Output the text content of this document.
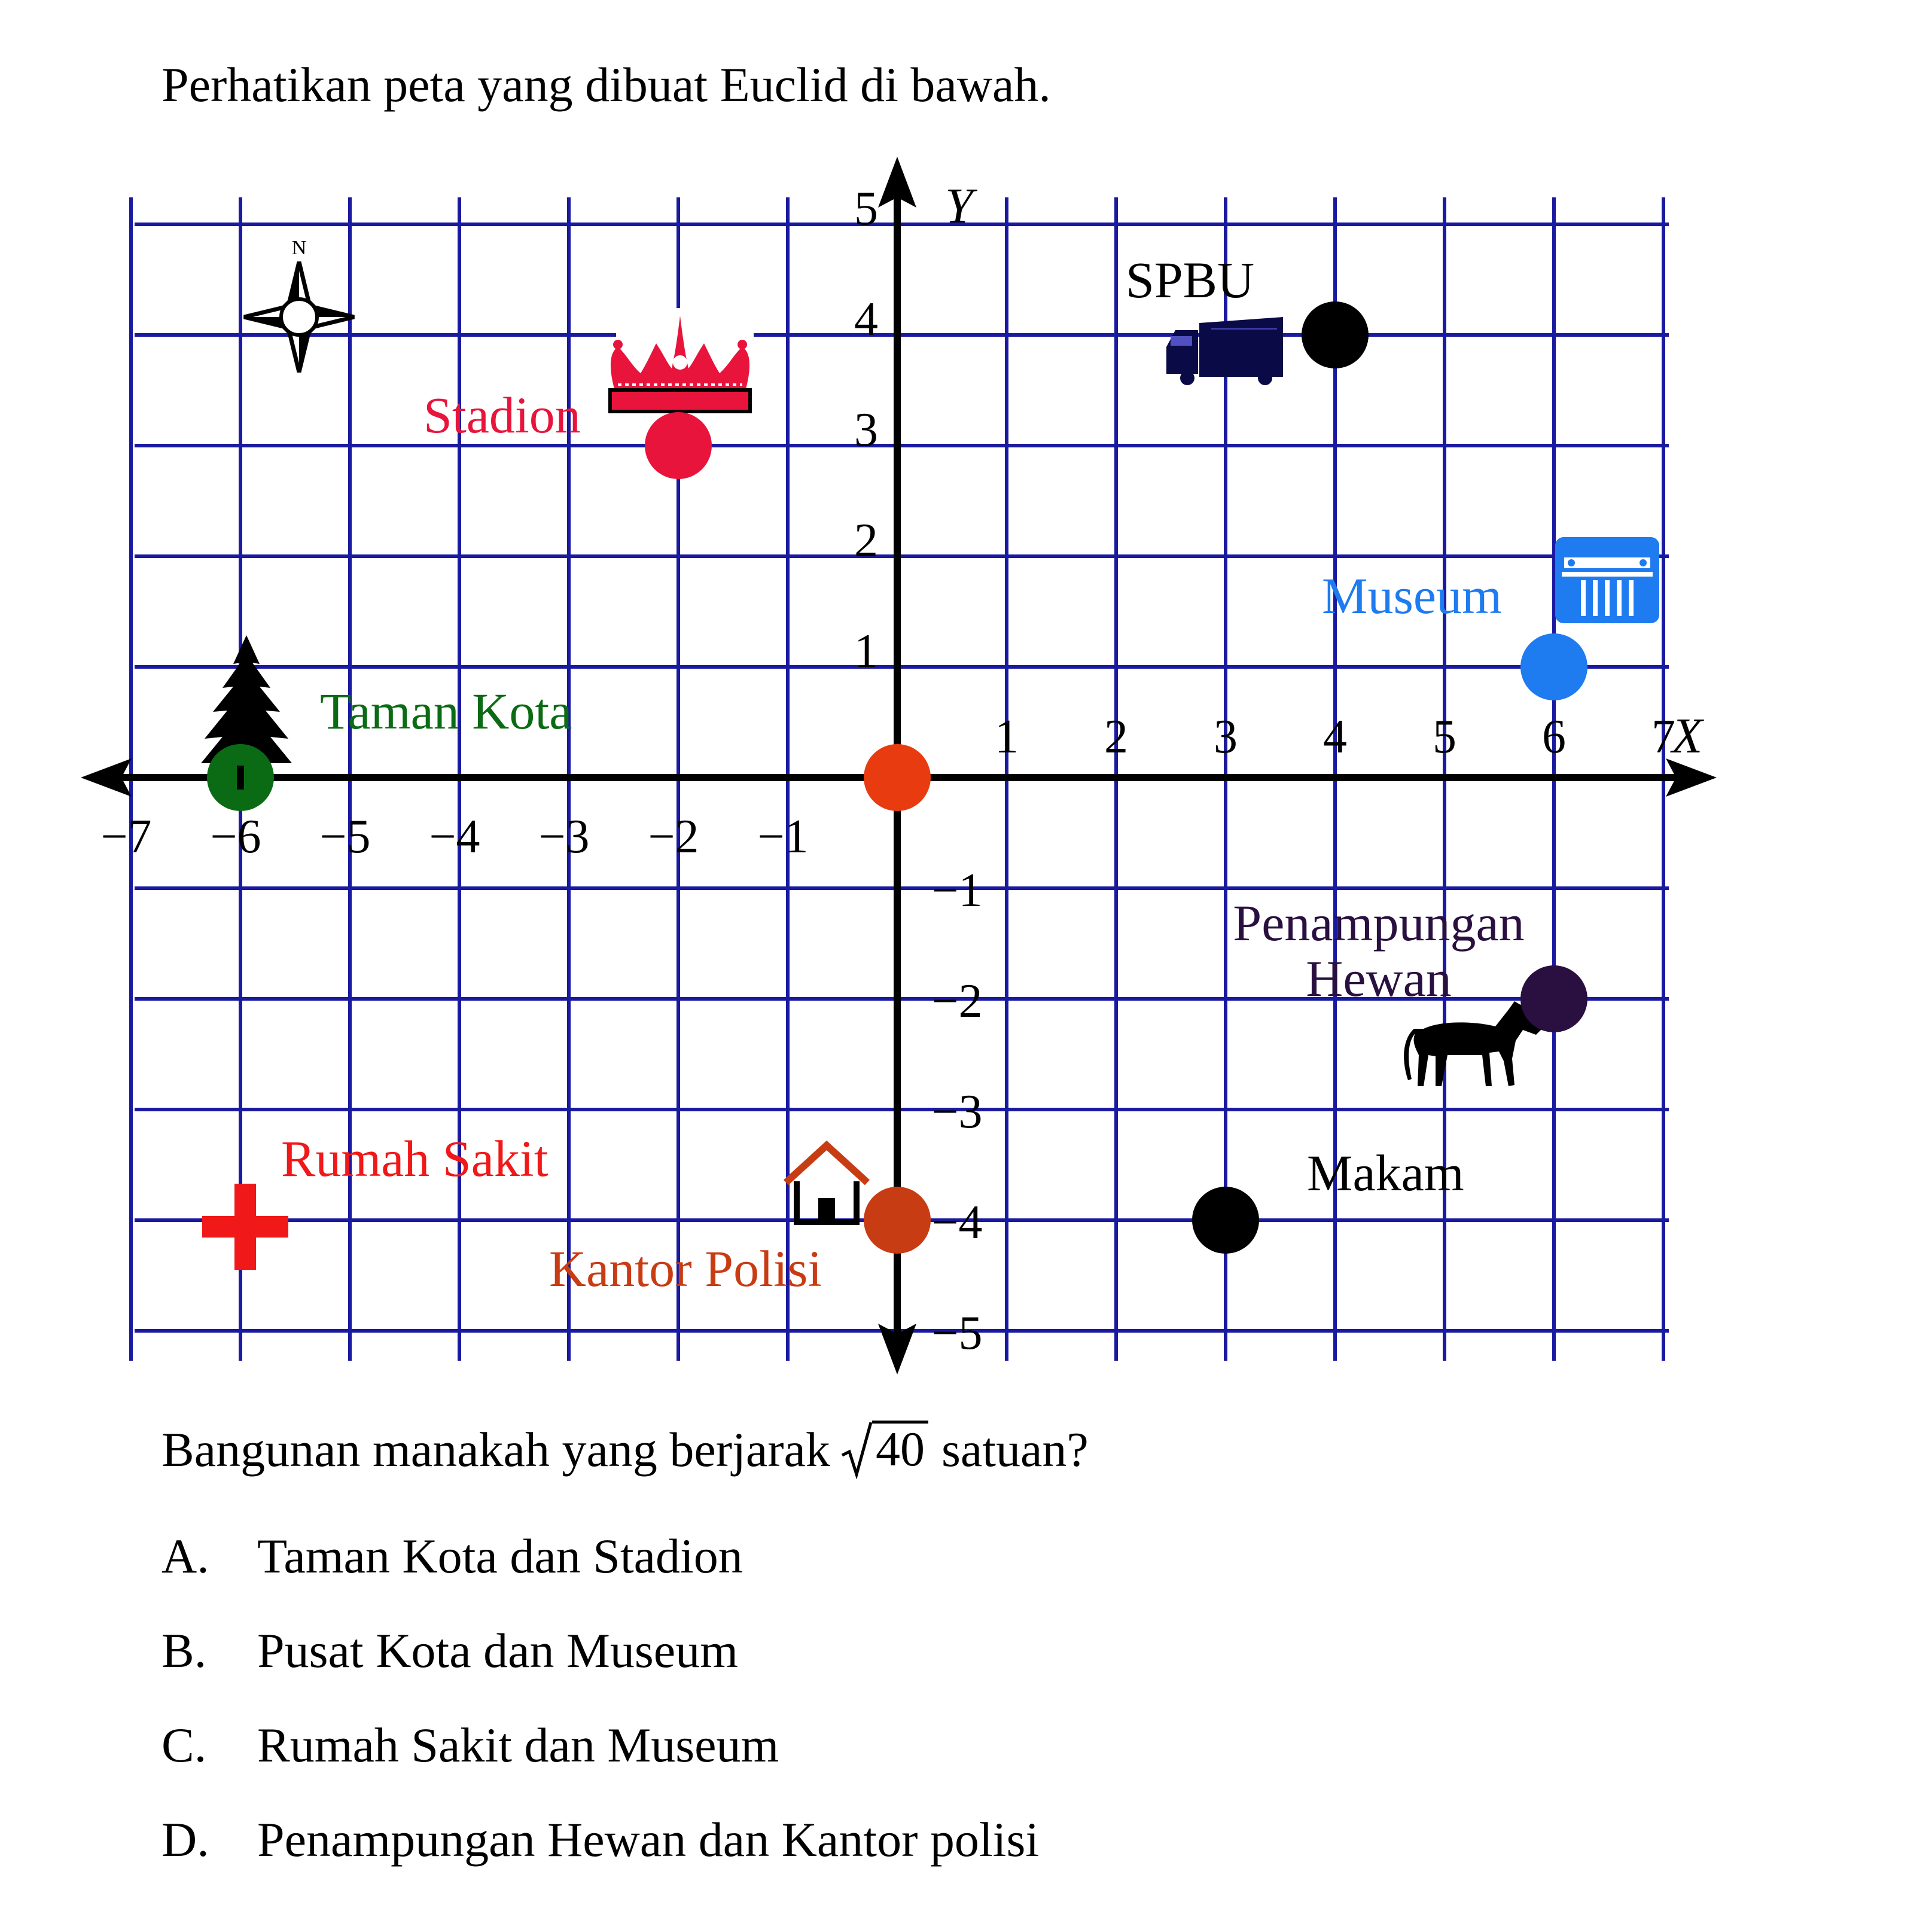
Perhatikan peta yang dibuat Euclid di bawah.
X
Y
−7 −6 −5 −4 −3 −2 −1
1 2 3 4 5 6 7
5
4
3
2
1
−1
−2
−3
−4
−5
N
Stadion
SPBU
Museum
Taman Kota
Penampungan
Hewan
Rumah Sakit
Kantor Polisi
Makam
Bangunan manakah yang berjarak 40 satuan?
A. Taman Kota dan Stadion
B. Pusat Kota dan Museum
C. Rumah Sakit dan Museum
D. Penampungan Hewan dan Kantor polisi
